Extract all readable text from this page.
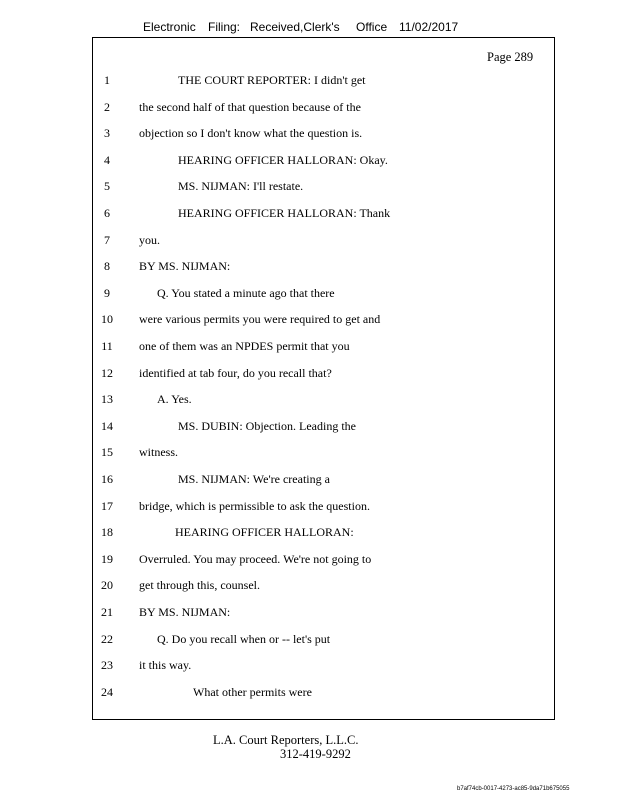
Electronic Filing: Received,Clerk's Office 11/02/2017
Page 289
1	THE COURT REPORTER: I didn't get
2	the second half of that question because of the
3	objection so I don't know what the question is.
4	HEARING OFFICER HALLORAN: Okay.
5	MS. NIJMAN: I'll restate.
6	HEARING OFFICER HALLORAN: Thank
7	you.
8	BY MS. NIJMAN:
9	Q. You stated a minute ago that there
10	were various permits you were required to get and
11	one of them was an NPDES permit that you
12	identified at tab four, do you recall that?
13	A. Yes.
14	MS. DUBIN: Objection. Leading the
15	witness.
16	MS. NIJMAN: We're creating a
17	bridge, which is permissible to ask the question.
18	HEARING OFFICER HALLORAN:
19	Overruled. You may proceed. We're not going to
20	get through this, counsel.
21	BY MS. NIJMAN:
22	Q. Do you recall when or -- let's put
23	it this way.
24	What other permits were
L.A. Court Reporters, L.L.C.
312-419-9292
b7af74cb-0017-4273-ac85-9da71b675055
